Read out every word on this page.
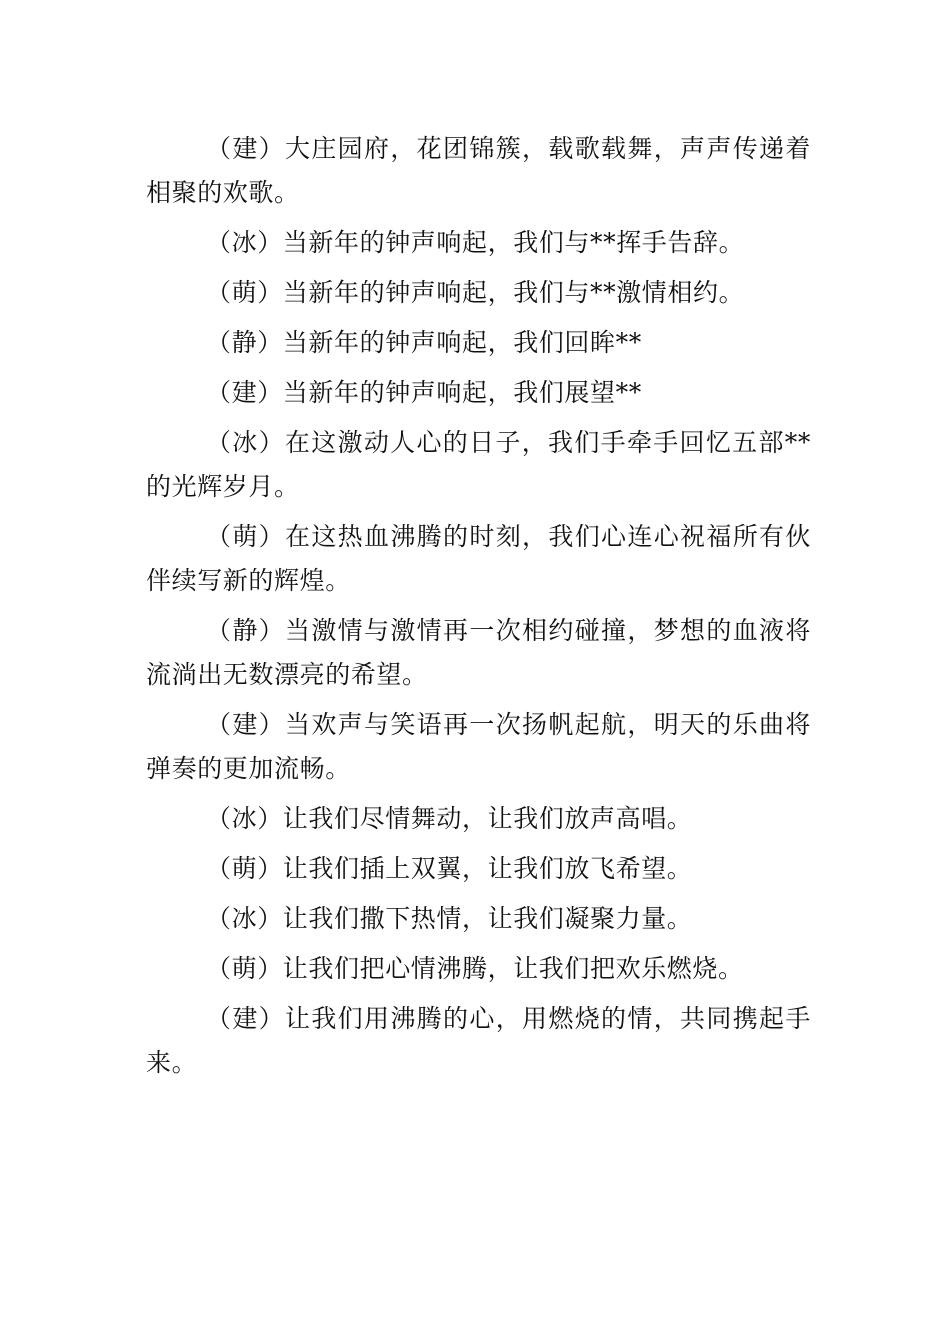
（建）大庄园府，花团锦簇，载歌载舞，声声传递着相聚的欢歌。

（冰）当新年的钟声响起，我们与**挥手告辞。

（萌）当新年的钟声响起，我们与**激情相约。

（静）当新年的钟声响起，我们回眸**

（建）当新年的钟声响起，我们展望**

（冰）在这激动人心的日子，我们手牵手回忆五部**的光辉岁月。

（萌）在这热血沸腾的时刻，我们心连心祝福所有伙伴续写新的辉煌。

（静）当激情与激情再一次相约碰撞，梦想的血液将流淌出无数漂亮的希望。

（建）当欢声与笑语再一次扬帆起航，明天的乐曲将弹奏的更加流畅。

（冰）让我们尽情舞动，让我们放声高唱。

（萌）让我们插上双翼，让我们放飞希望。

（冰）让我们撒下热情，让我们凝聚力量。

（萌）让我们把心情沸腾，让我们把欢乐燃烧。

（建）让我们用沸腾的心，用燃烧的情，共同携起手来。
